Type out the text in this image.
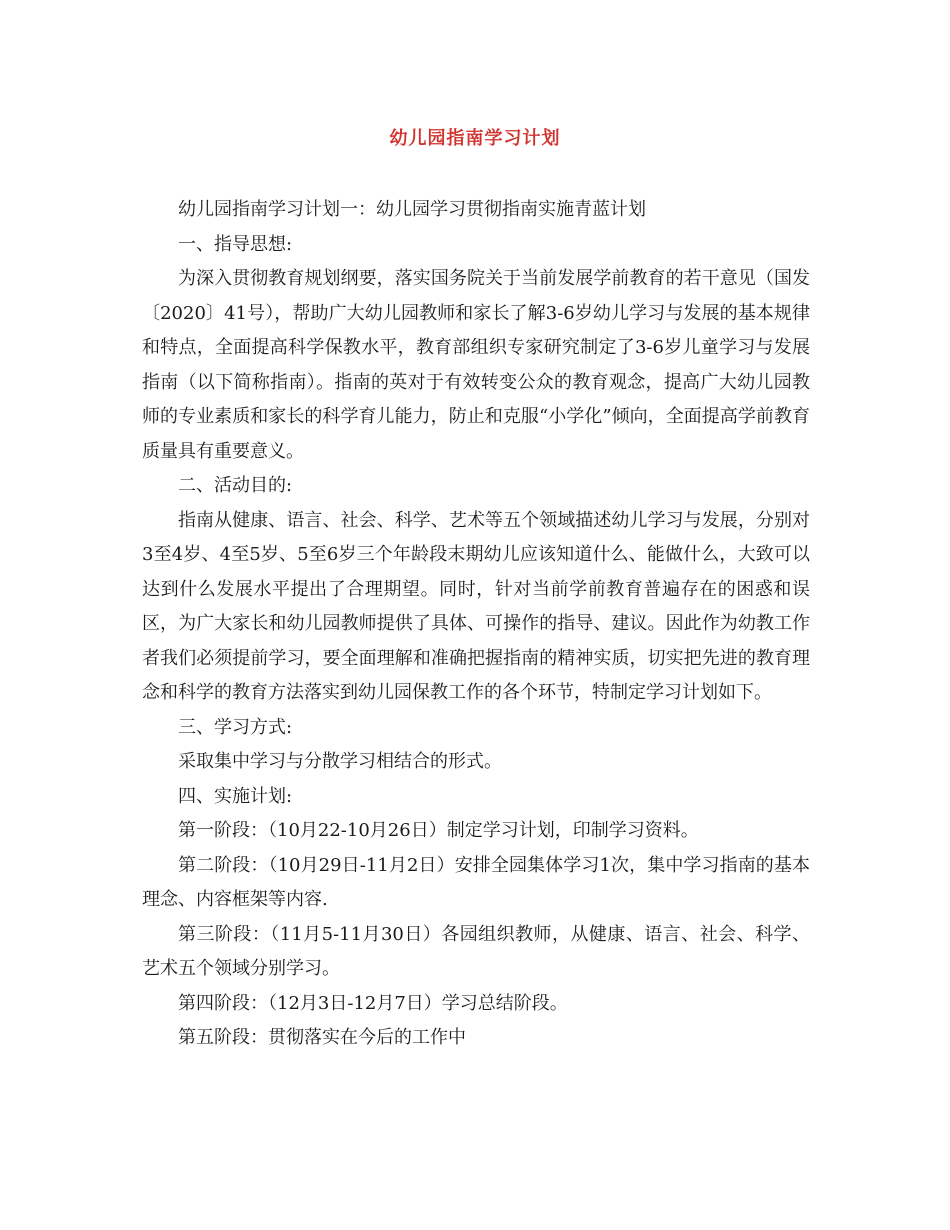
幼儿园指南学习计划

幼儿园指南学习计划一：幼儿园学习贯彻指南实施青蓝计划

一、指导思想:

为深入贯彻教育规划纲要，落实国务院关于当前发展学前教育的若干意见（国发〔2020〕41号），帮助广大幼儿园教师和家长了解3-6岁幼儿学习与发展的基本规律和特点，全面提高科学保教水平，教育部组织专家研究制定了3-6岁儿童学习与发展指南（以下简称指南）。指南的英对于有效转变公众的教育观念，提高广大幼儿园教师的专业素质和家长的科学育儿能力，防止和克服“小学化”倾向，全面提高学前教育质量具有重要意义。

二、活动目的:

指南从健康、语言、社会、科学、艺术等五个领域描述幼儿学习与发展，分别对3至4岁、4至5岁、5至6岁三个年龄段末期幼儿应该知道什么、能做什么，大致可以达到什么发展水平提出了合理期望。同时，针对当前学前教育普遍存在的困惑和误区，为广大家长和幼儿园教师提供了具体、可操作的指导、建议。因此作为幼教工作者我们必须提前学习，要全面理解和准确把握指南的精神实质，切实把先进的教育理念和科学的教育方法落实到幼儿园保教工作的各个环节，特制定学习计划如下。

三、学习方式:

采取集中学习与分散学习相结合的形式。

四、实施计划:

第一阶段：（10月22-10月26日）制定学习计划，印制学习资料。

第二阶段：（10月29日-11月2日）安排全园集体学习1次，集中学习指南的基本理念、内容框架等内容.

第三阶段：（11月5-11月30日）各园组织教师，从健康、语言、社会、科学、艺术五个领域分别学习。

第四阶段：（12月3日-12月7日）学习总结阶段。

第五阶段：贯彻落实在今后的工作中
